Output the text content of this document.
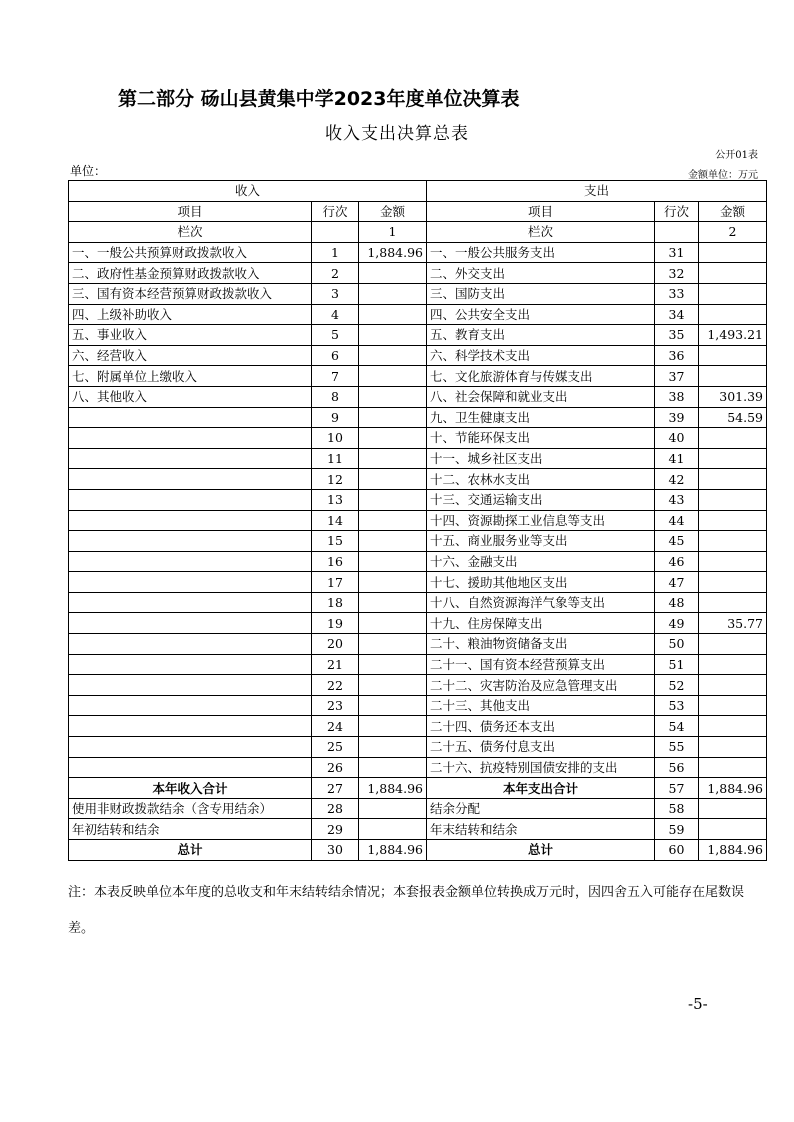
第二部分 砀山县黄集中学2023年度单位决算表
收入支出决算总表
公开01表
单位：	金额单位：万元
收入			支出		
项目	行次	金额	项目	行次	金额
栏次		1	栏次		2
一、一般公共预算财政拨款收入	1	1,884.96	一、一般公共服务支出	31	
二、政府性基金预算财政拨款收入	2		二、外交支出	32	
三、国有资本经营预算财政拨款收入	3		三、国防支出	33	
四、上级补助收入	4		四、公共安全支出	34	
五、事业收入	5		五、教育支出	35	1,493.21
六、经营收入	6		六、科学技术支出	36	
七、附属单位上缴收入	7		七、文化旅游体育与传媒支出	37	
八、其他收入	8		八、社会保障和就业支出	38	301.39
	9		九、卫生健康支出	39	54.59
	10		十、节能环保支出	40	
	11		十一、城乡社区支出	41	
	12		十二、农林水支出	42	
	13		十三、交通运输支出	43	
	14		十四、资源勘探工业信息等支出	44	
	15		十五、商业服务业等支出	45	
	16		十六、金融支出	46	
	17		十七、援助其他地区支出	47	
	18		十八、自然资源海洋气象等支出	48	
	19		十九、住房保障支出	49	35.77
	20		二十、粮油物资储备支出	50	
	21		二十一、国有资本经营预算支出	51	
	22		二十二、灾害防治及应急管理支出	52	
	23		二十三、其他支出	53	
	24		二十四、债务还本支出	54	
	25		二十五、债务付息支出	55	
	26		二十六、抗疫特别国债安排的支出	56	
本年收入合计	27	1,884.96	本年支出合计	57	1,884.96
使用非财政拨款结余（含专用结余）	28		结余分配	58	
年初结转和结余	29		年末结转和结余	59	
总计	30	1,884.96	总计	60	1,884.96
注：本表反映单位本年度的总收支和年末结转结余情况；本套报表金额单位转换成万元时，因四舍五入可能存在尾数误差。
-5-
